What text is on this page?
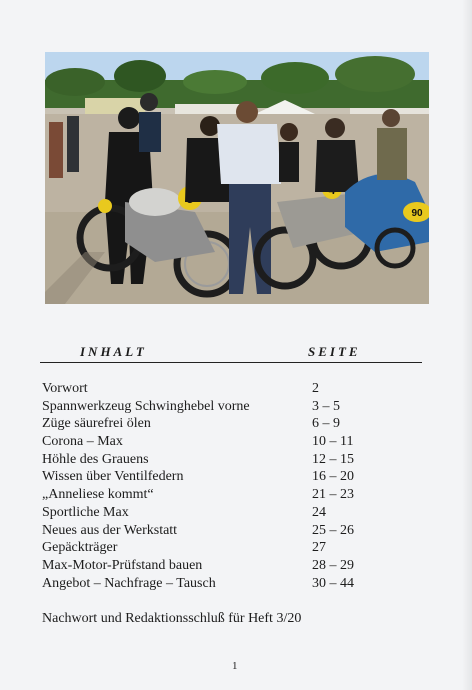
90
INHALT	SEITE
Vorwort	2
Spannwerkzeug Schwinghebel vorne	3 – 5
Züge säurefrei ölen	6 – 9
Corona – Max	10 – 11
Höhle des Grauens	12 – 15
Wissen über Ventilfedern	16 – 20
„Anneliese kommt“	21 – 23
Sportliche Max	24
Neues aus der Werkstatt	25 – 26
Gepäckträger	27
Max-Motor-Prüfstand bauen	28 – 29
Angebot – Nachfrage – Tausch	30 – 44
Nachwort und Redaktionsschluß für Heft 3/20
1
